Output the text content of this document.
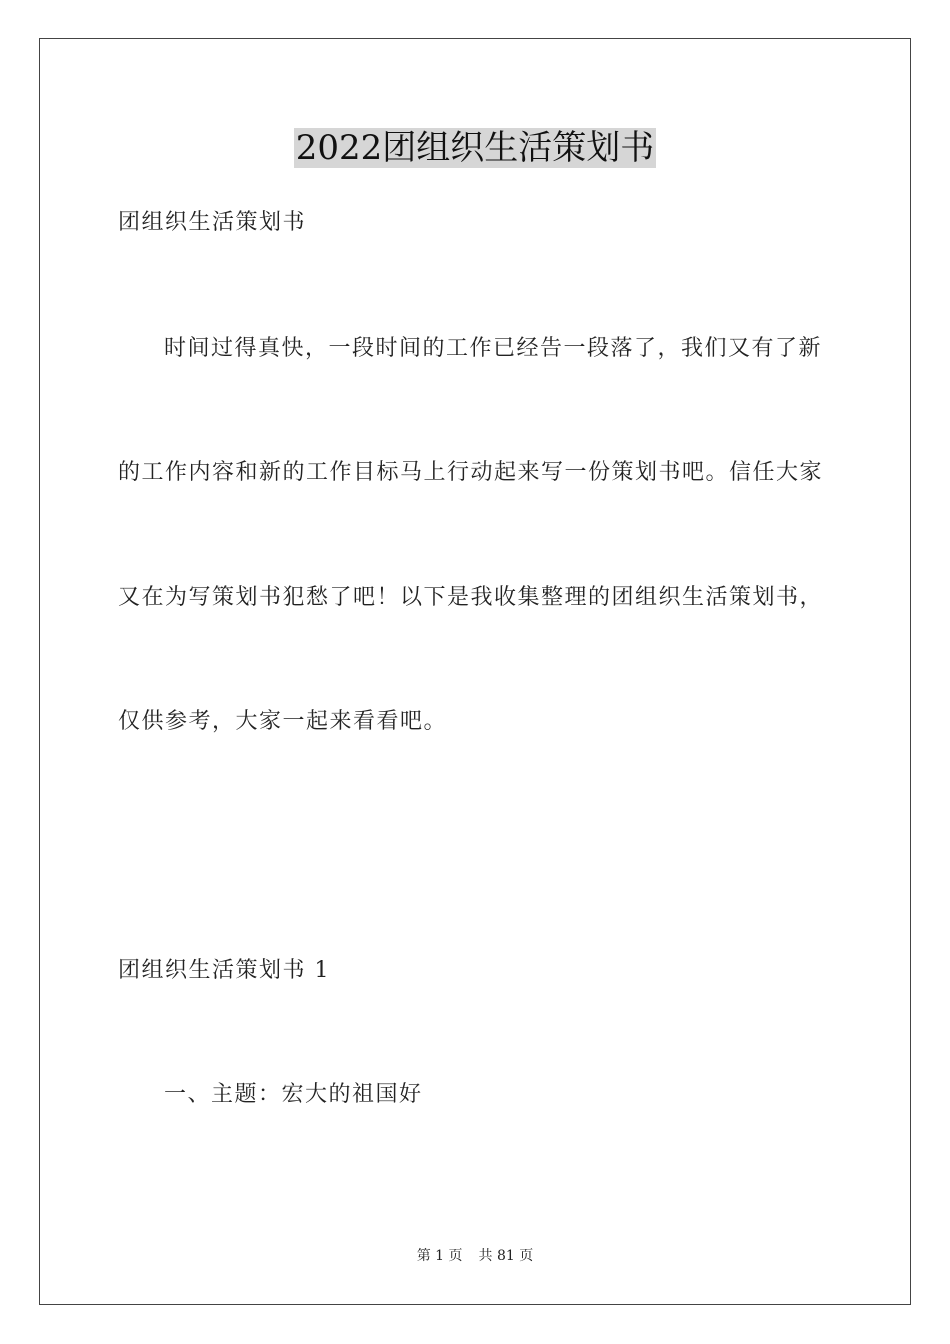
2022团组织生活策划书
团组织生活策划书
时间过得真快，一段时间的工作已经告一段落了，我们又有了新
的工作内容和新的工作目标马上行动起来写一份策划书吧。信任大家
又在为写策划书犯愁了吧！以下是我收集整理的团组织生活策划书，
仅供参考，大家一起来看看吧。
团组织生活策划书 1
一、主题：宏大的祖国好
第 1 页 共 81 页
